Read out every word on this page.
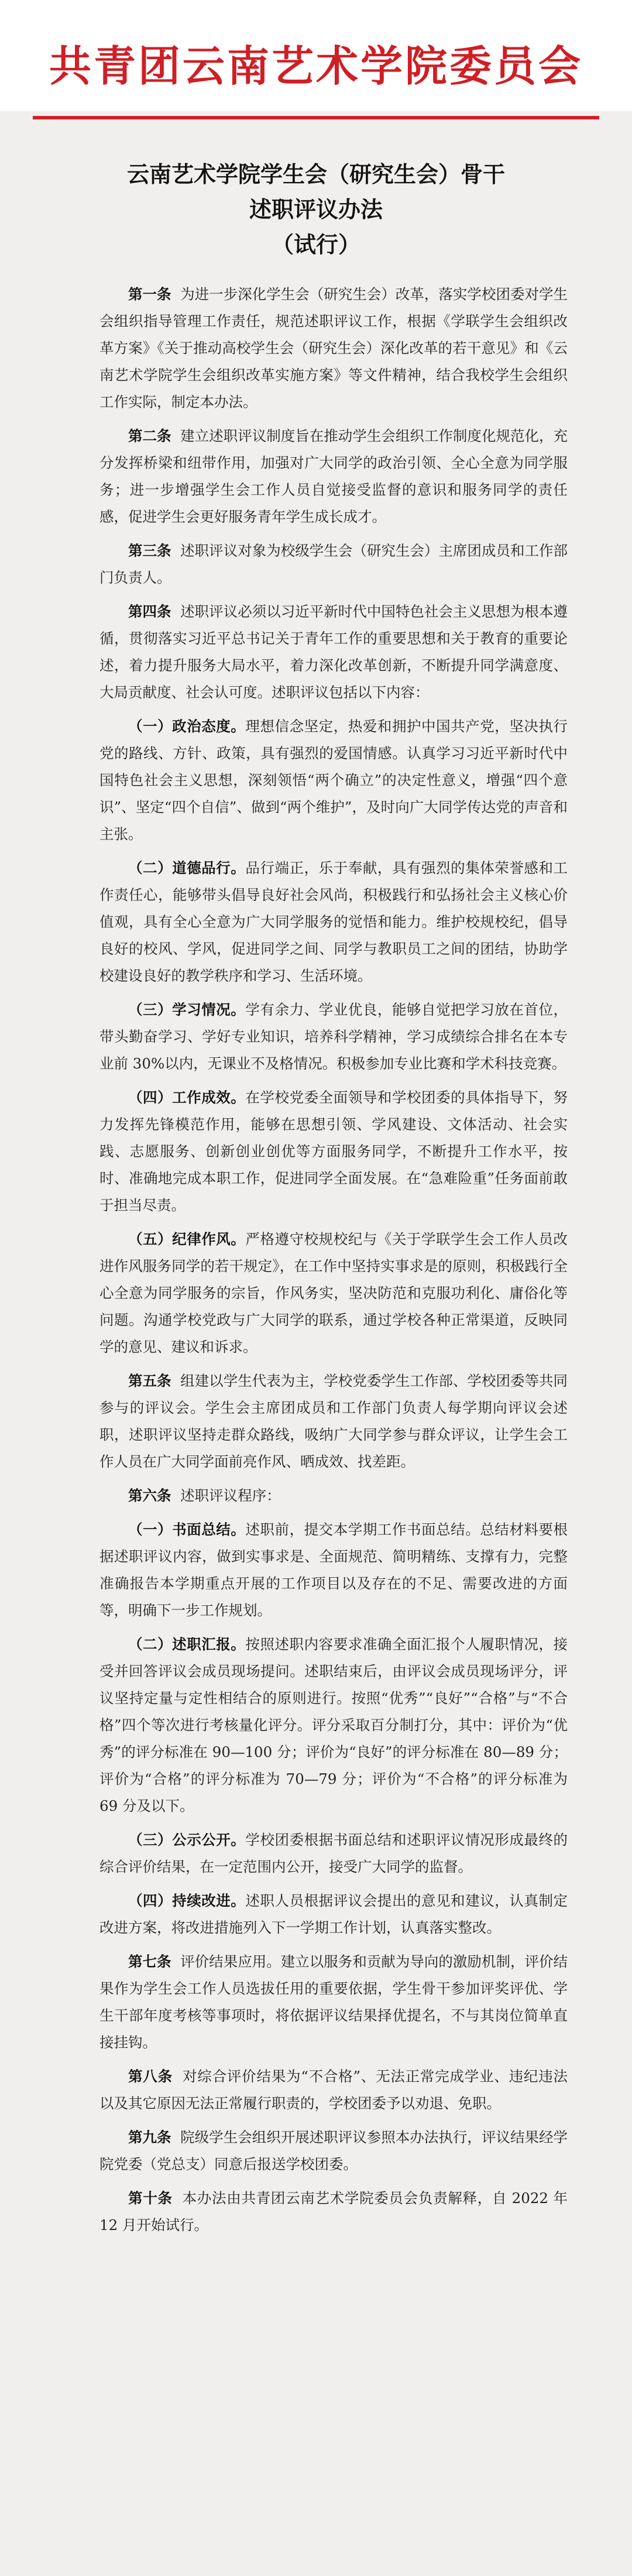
共青团云南艺术学院委员会
云南艺术学院学生会（研究生会）骨干
述职评议办法
（试行）

第一条 为进一步深化学生会（研究生会）改革，落实学校团委对学生会组织指导管理工作责任，规范述职评议工作，根据《学联学生会组织改革方案》《关于推动高校学生会（研究生会）深化改革的若干意见》和《云南艺术学院学生会组织改革实施方案》等文件精神，结合我校学生会组织工作实际，制定本办法。

第二条 建立述职评议制度旨在推动学生会组织工作制度化规范化，充分发挥桥梁和纽带作用，加强对广大同学的政治引领、全心全意为同学服务；进一步增强学生会工作人员自觉接受监督的意识和服务同学的责任感，促进学生会更好服务青年学生成长成才。

第三条 述职评议对象为校级学生会（研究生会）主席团成员和工作部门负责人。

第四条 述职评议必须以习近平新时代中国特色社会主义思想为根本遵循，贯彻落实习近平总书记关于青年工作的重要思想和关于教育的重要论述，着力提升服务大局水平，着力深化改革创新，不断提升同学满意度、大局贡献度、社会认可度。述职评议包括以下内容：

（一）政治态度。理想信念坚定，热爱和拥护中国共产党，坚决执行党的路线、方针、政策，具有强烈的爱国情感。认真学习习近平新时代中国特色社会主义思想，深刻领悟“两个确立”的决定性意义，增强“四个意识”、坚定“四个自信”、做到“两个维护”，及时向广大同学传达党的声音和主张。

（二）道德品行。品行端正，乐于奉献，具有强烈的集体荣誉感和工作责任心，能够带头倡导良好社会风尚，积极践行和弘扬社会主义核心价值观，具有全心全意为广大同学服务的觉悟和能力。维护校规校纪，倡导良好的校风、学风，促进同学之间、同学与教职员工之间的团结，协助学校建设良好的教学秩序和学习、生活环境。

（三）学习情况。学有余力、学业优良，能够自觉把学习放在首位，带头勤奋学习、学好专业知识，培养科学精神，学习成绩综合排名在本专业前 30%以内，无课业不及格情况。积极参加专业比赛和学术科技竞赛。

（四）工作成效。在学校党委全面领导和学校团委的具体指导下，努力发挥先锋模范作用，能够在思想引领、学风建设、文体活动、社会实践、志愿服务、创新创业创优等方面服务同学，不断提升工作水平，按时、准确地完成本职工作，促进同学全面发展。在“急难险重”任务面前敢于担当尽责。

（五）纪律作风。严格遵守校规校纪与《关于学联学生会工作人员改进作风服务同学的若干规定》，在工作中坚持实事求是的原则，积极践行全心全意为同学服务的宗旨，作风务实，坚决防范和克服功利化、庸俗化等问题。沟通学校党政与广大同学的联系，通过学校各种正常渠道，反映同学的意见、建议和诉求。

第五条 组建以学生代表为主，学校党委学生工作部、学校团委等共同参与的评议会。学生会主席团成员和工作部门负责人每学期向评议会述职，述职评议坚持走群众路线，吸纳广大同学参与群众评议，让学生会工作人员在广大同学面前亮作风、晒成效、找差距。

第六条 述职评议程序：

（一）书面总结。述职前，提交本学期工作书面总结。总结材料要根据述职评议内容，做到实事求是、全面规范、简明精练、支撑有力，完整准确报告本学期重点开展的工作项目以及存在的不足、需要改进的方面等，明确下一步工作规划。

（二）述职汇报。按照述职内容要求准确全面汇报个人履职情况，接受并回答评议会成员现场提问。述职结束后，由评议会成员现场评分，评议坚持定量与定性相结合的原则进行。按照“优秀”“良好”“合格”与“不合格”四个等次进行考核量化评分。评分采取百分制打分，其中：评价为“优秀”的评分标准在 90—100 分；评价为“良好”的评分标准在 80—89 分；评价为“合格”的评分标准为 70—79 分；评价为“不合格”的评分标准为 69 分及以下。

（三）公示公开。学校团委根据书面总结和述职评议情况形成最终的综合评价结果，在一定范围内公开，接受广大同学的监督。

（四）持续改进。述职人员根据评议会提出的意见和建议，认真制定改进方案，将改进措施列入下一学期工作计划，认真落实整改。

第七条 评价结果应用。建立以服务和贡献为导向的激励机制，评价结果作为学生会工作人员选拔任用的重要依据，学生骨干参加评奖评优、学生干部年度考核等事项时，将依据评议结果择优提名，不与其岗位简单直接挂钩。

第八条 对综合评价结果为“不合格”、无法正常完成学业、违纪违法以及其它原因无法正常履行职责的，学校团委予以劝退、免职。

第九条 院级学生会组织开展述职评议参照本办法执行，评议结果经学院党委（党总支）同意后报送学校团委。

第十条 本办法由共青团云南艺术学院委员会负责解释，自 2022 年 12 月开始试行。
